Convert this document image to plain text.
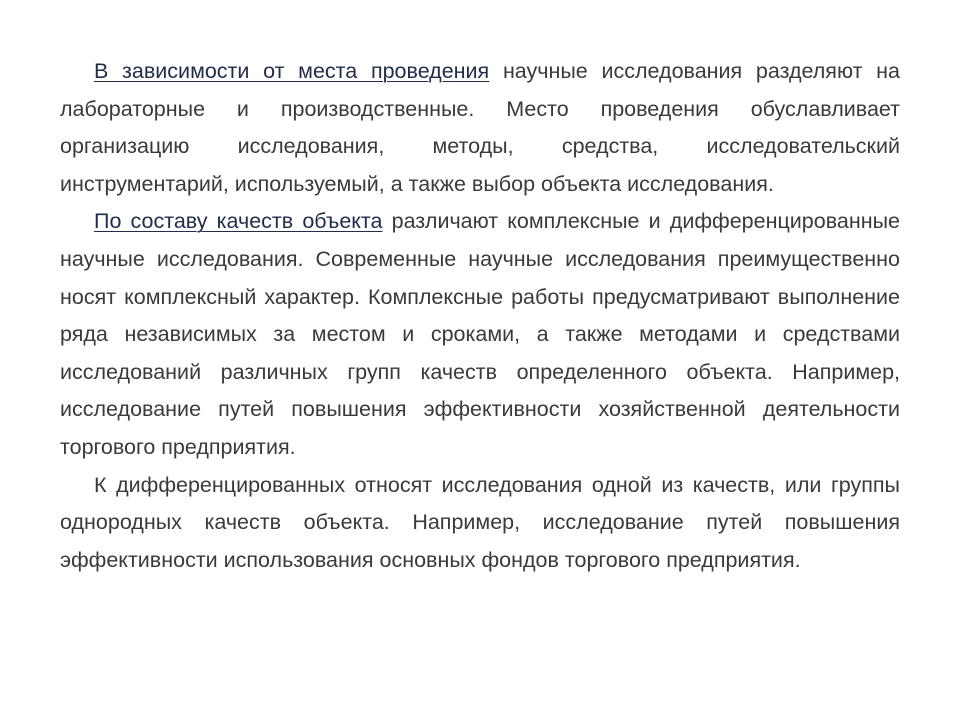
В зависимости от места проведения научные исследования разделяют на лабораторные и производственные. Место проведения обуславливает организацию исследования, методы, средства, исследовательский инструментарий, используемый, а также выбор объекта исследования.

По составу качеств объекта различают комплексные и дифференцированные научные исследования. Современные научные исследования преимущественно носят комплексный характер. Комплексные работы предусматривают выполнение ряда независимых за местом и сроками, а также методами и средствами исследований различных групп качеств определенного объекта. Например, исследование путей повышения эффективности хозяйственной деятельности торгового предприятия.

К дифференцированных относят исследования одной из качеств, или группы однородных качеств объекта. Например, исследование путей повышения эффективности использования основных фондов торгового предприятия.
